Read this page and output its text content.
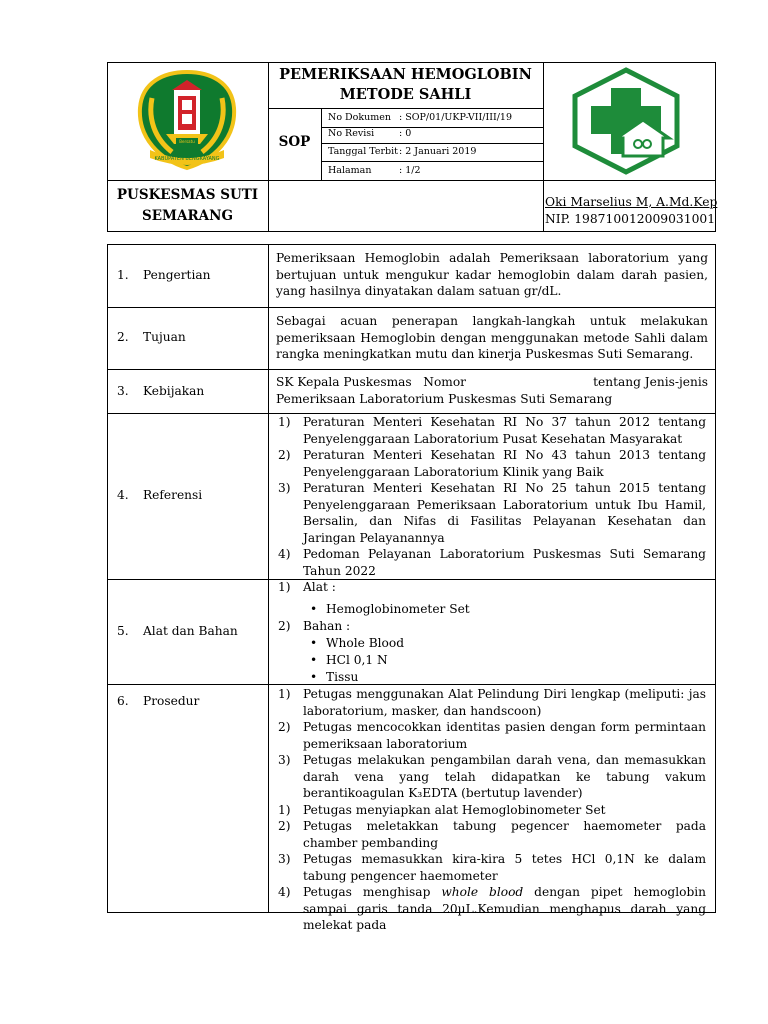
KABUPATEN BENGKAYANG
Bersatu
PEMERIKSAAN HEMOGLOBIN
METODE SAHLI
SOP
No Dokumen : SOP/01/UKP-VII/III/19
No Revisi	: 0
Tanggal Terbit : 2 Januari 2019
Halaman	: 1/2
PUSKESMAS SUTI
SEMARANG
Oki Marselius M, A.Md.Kep
NIP. 198710012009031001
1. Pengertian
Pemeriksaan Hemoglobin adalah Pemeriksaan laboratorium yang bertujuan untuk mengukur kadar hemoglobin dalam darah pasien, yang hasilnya dinyatakan dalam satuan gr/dL.
2. Tujuan
Sebagai acuan penerapan langkah-langkah untuk melakukan pemeriksaan Hemoglobin dengan menggunakan metode Sahli dalam rangka meningkatkan mutu dan kinerja Puskesmas Suti Semarang.
3. Kebijakan
SK Kepala Puskesmas   Nomor	tentang Jenis-jenis
Pemeriksaan Laboratorium Puskesmas Suti Semarang
4. Referensi
1) Peraturan Menteri Kesehatan RI No 37 tahun 2012 tentang Penyelenggaraan Laboratorium Pusat Kesehatan Masyarakat
2) Peraturan Menteri Kesehatan RI No 43 tahun 2013 tentang Penyelenggaraan Laboratorium Klinik yang Baik
3) Peraturan Menteri Kesehatan RI No 25 tahun 2015 tentang Penyelenggaraan Pemeriksaan Laboratorium untuk Ibu Hamil, Bersalin, dan Nifas di Fasilitas Pelayanan Kesehatan dan Jaringan Pelayanannya
4) Pedoman Pelayanan Laboratorium Puskesmas Suti Semarang Tahun 2022
5. Alat dan Bahan
1) Alat :
• Hemoglobinometer Set
2) Bahan :
• Whole Blood
• HCl 0,1 N
• Tissu
6. Prosedur	1) Petugas menggunakan Alat Pelindung Diri lengkap (meliputi: jas laboratorium, masker, dan handscoon)
2) Petugas mencocokkan identitas pasien dengan form permintaan pemeriksaan laboratorium
3) Petugas melakukan pengambilan darah vena, dan memasukkan darah vena yang telah didapatkan ke tabung vakum berantikoagulan K₃EDTA (bertutup lavender)
1) Petugas menyiapkan alat Hemoglobinometer Set
2) Petugas meletakkan tabung pegencer haemometer pada chamber pembanding
3) Petugas memasukkan kira-kira 5 tetes HCl 0,1N ke dalam tabung pengencer haemometer
4) Petugas menghisap whole blood dengan pipet hemoglobin sampai garis tanda 20µL.Kemudian menghapus darah yang melekat pada
